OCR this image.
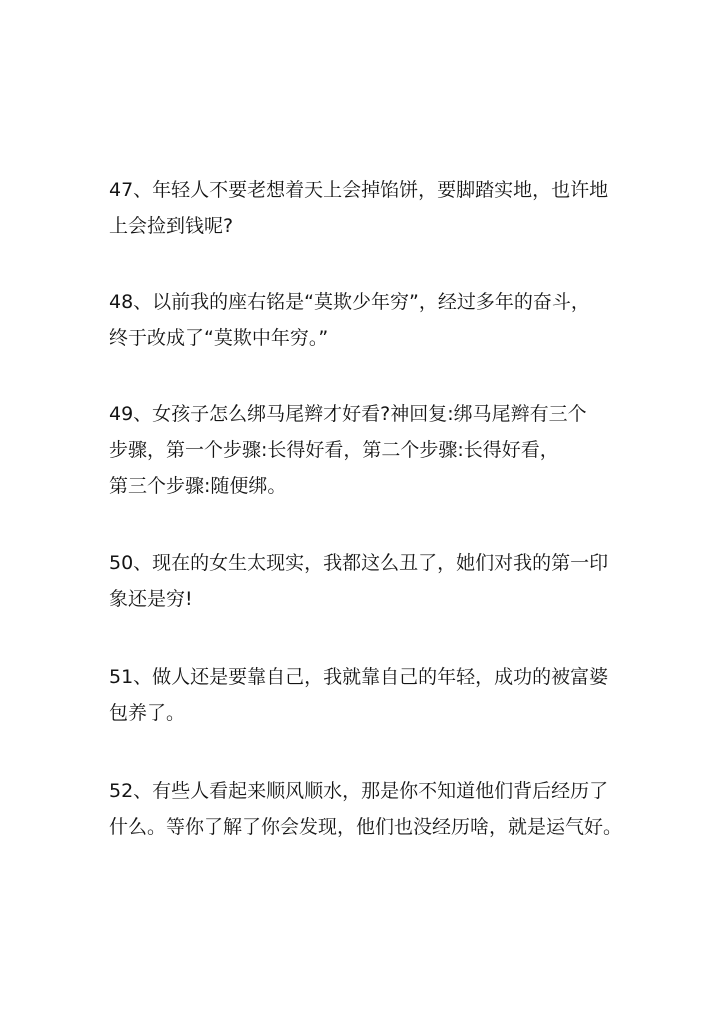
47、年轻人不要老想着天上会掉馅饼，要脚踏实地，也许地
上会捡到钱呢?

48、以前我的座右铭是“莫欺少年穷”，经过多年的奋斗，
终于改成了“莫欺中年穷。”

49、女孩子怎么绑马尾辫才好看?神回复:绑马尾辫有三个
步骤，第一个步骤:长得好看，第二个步骤:长得好看，
第三个步骤:随便绑。

50、现在的女生太现实，我都这么丑了，她们对我的第一印
象还是穷!

51、做人还是要靠自己，我就靠自己的年轻，成功的被富婆
包养了。

52、有些人看起来顺风顺水，那是你不知道他们背后经历了
什么。等你了解了你会发现，他们也没经历啥，就是运气好。
